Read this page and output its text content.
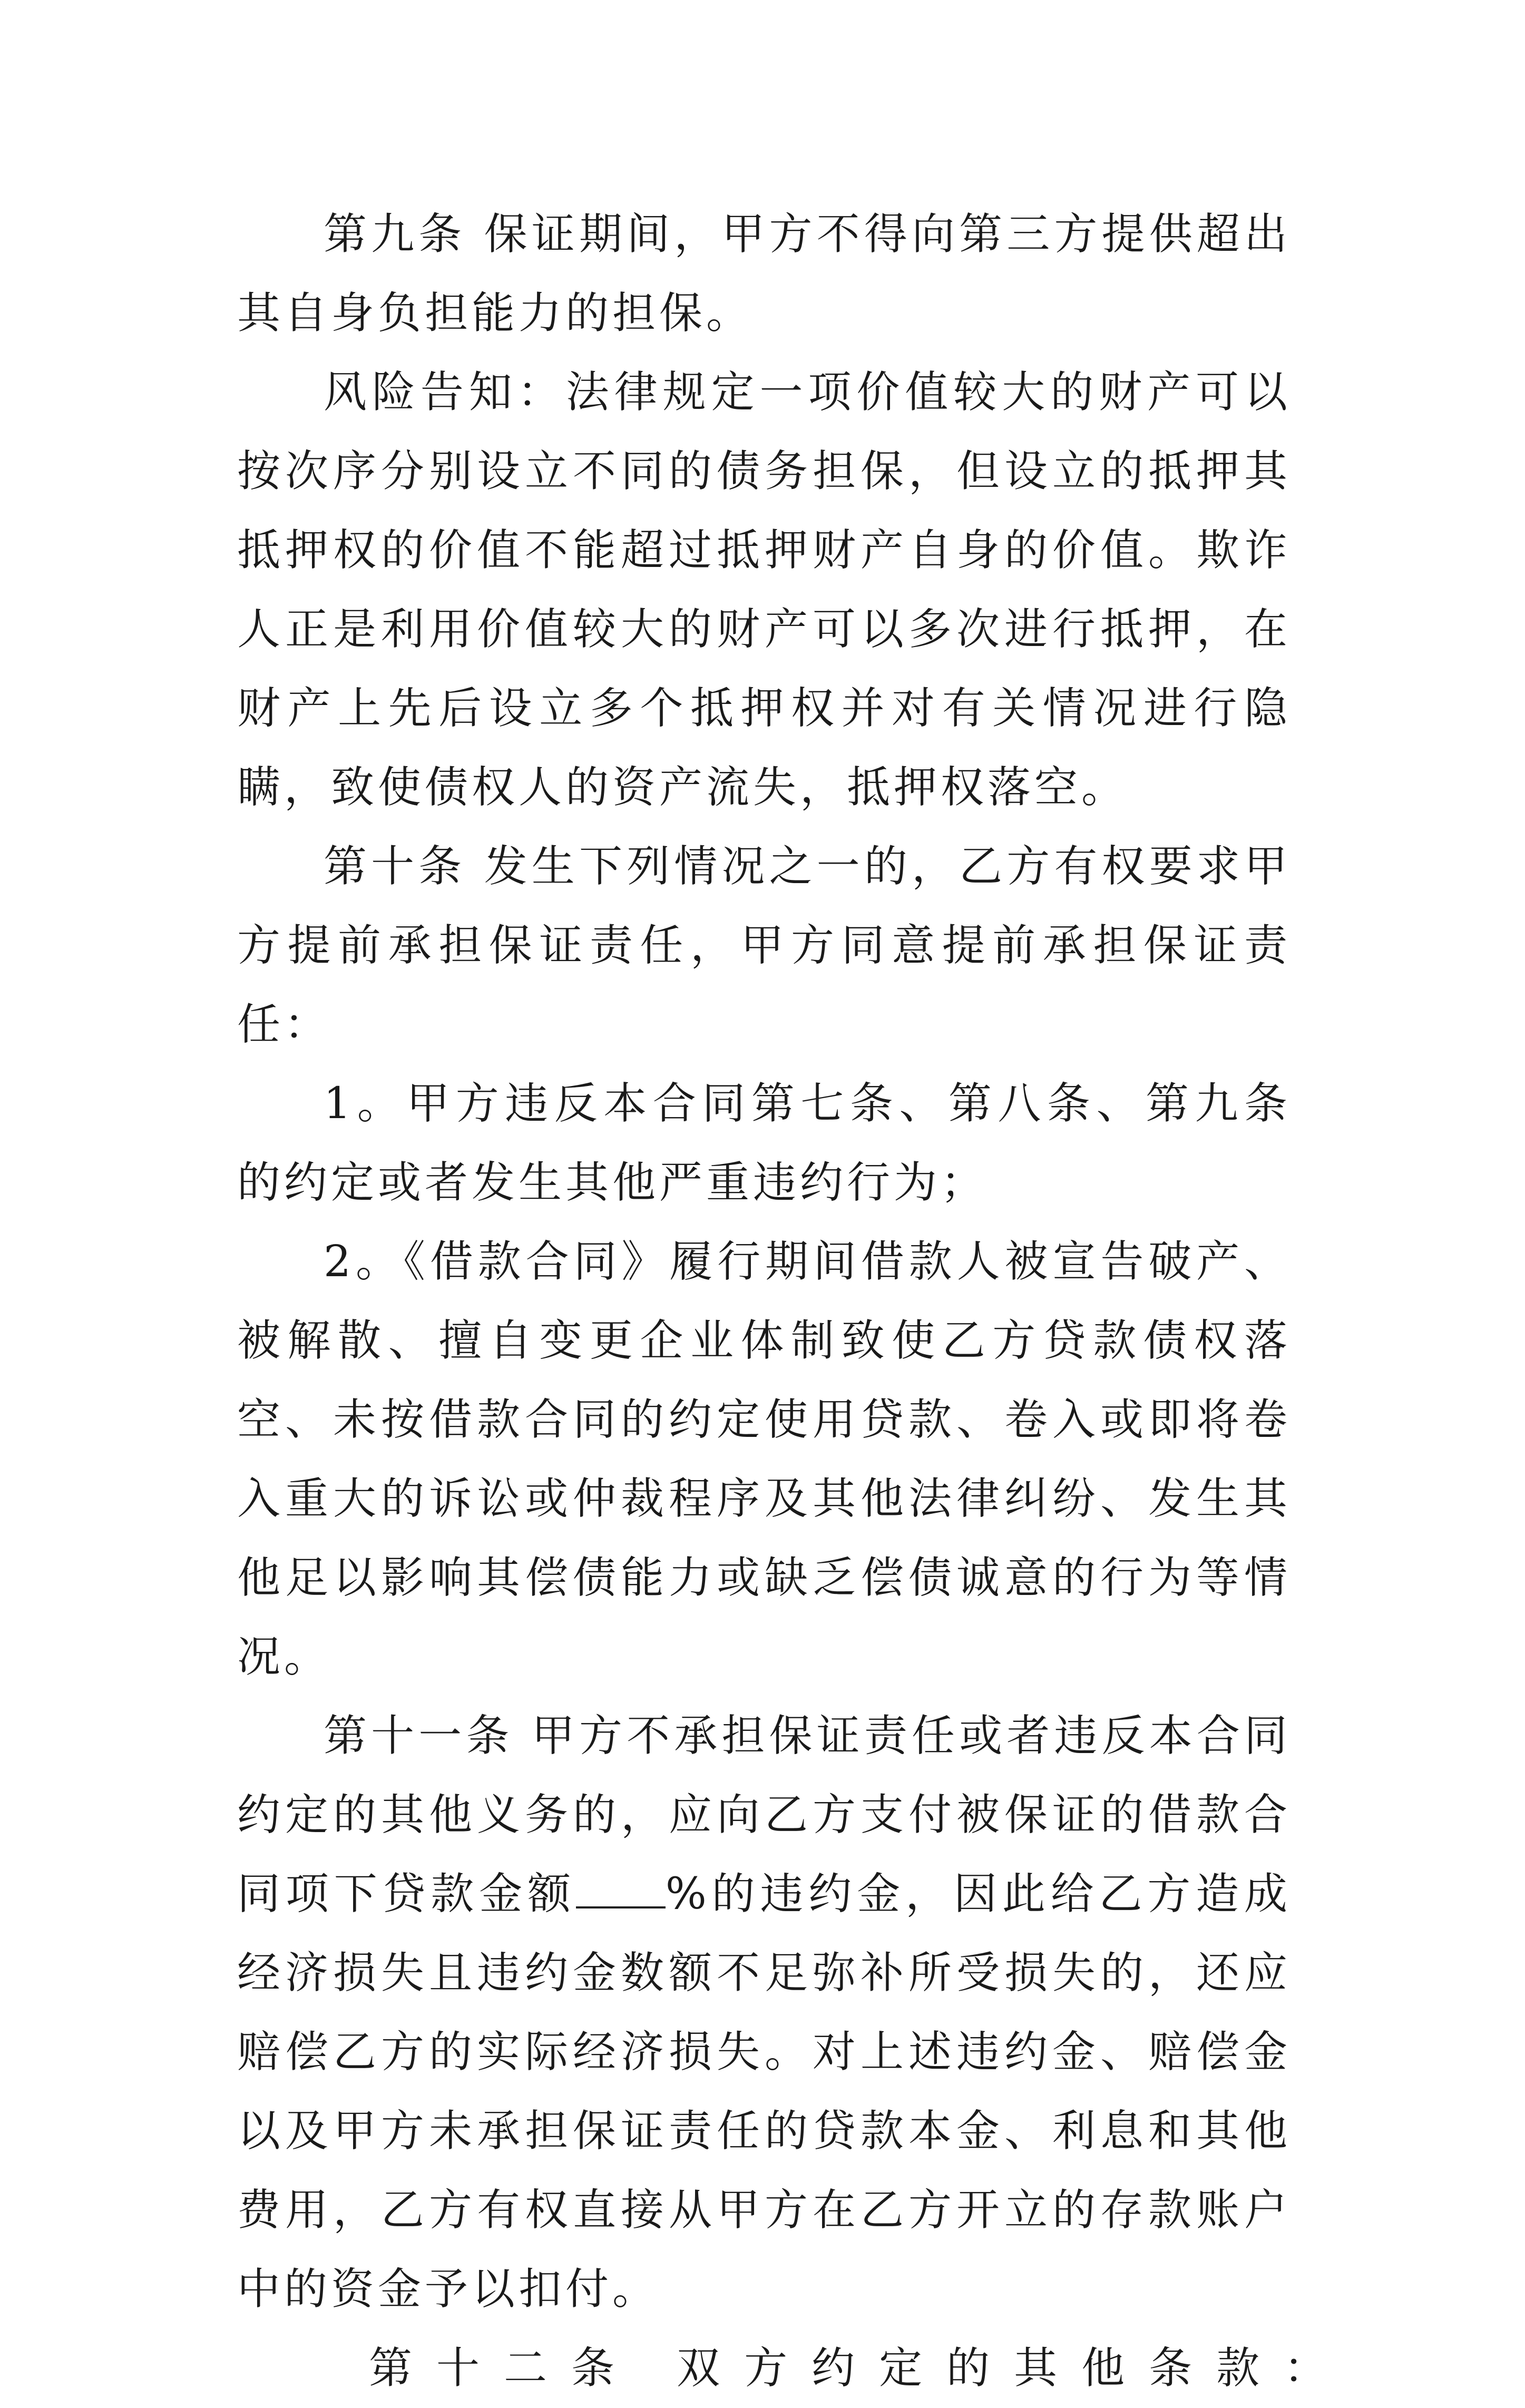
第九条 保证期间，甲方不得向第三方提供超出其自身负担能力的担保。

风险告知：法律规定一项价值较大的财产可以按次序分别设立不同的债务担保，但设立的抵押其抵押权的价值不能超过抵押财产自身的价值。欺诈人正是利用价值较大的财产可以多次进行抵押，在财产上先后设立多个抵押权并对有关情况进行隐瞒，致使债权人的资产流失，抵押权落空。

第十条 发生下列情况之一的，乙方有权要求甲方提前承担保证责任，甲方同意提前承担保证责任：

1。甲方违反本合同第七条、第八条、第九条的约定或者发生其他严重违约行为；

2。《借款合同》履行期间借款人被宣告破产、被解散、擅自变更企业体制致使乙方贷款债权落空、未按借款合同的约定使用贷款、卷入或即将卷入重大的诉讼或仲裁程序及其他法律纠纷、发生其他足以影响其偿债能力或缺乏偿债诚意的行为等情况。

第十一条 甲方不承担保证责任或者违反本合同约定的其他义务的，应向乙方支付被保证的借款合同项下贷款金额 %的违约金，因此给乙方造成经济损失且违约金数额不足弥补所受损失的，还应赔偿乙方的实际经济损失。对上述违约金、赔偿金以及甲方未承担保证责任的贷款本金、利息和其他费用，乙方有权直接从甲方在乙方开立的存款账户中的资金予以扣付。

第十二条 双方约定的其他条款：
